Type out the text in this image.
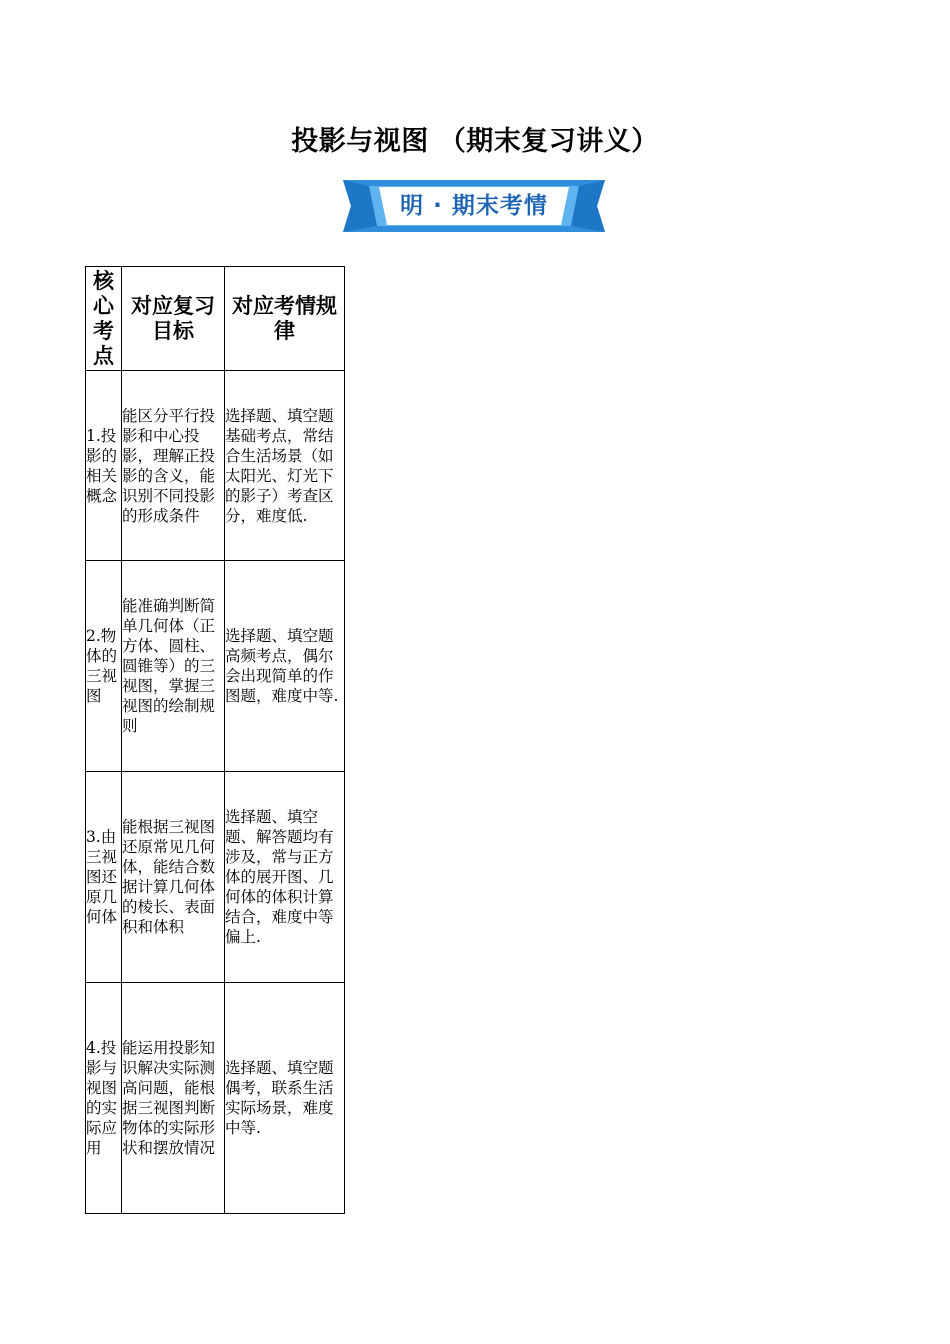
投影与视图 （期末复习讲义）
明 · 期末考情
核心考点	对应复习目标	对应考情规律
1.投影的相关概念	能区分平行投影和中心投影，理解正投影的含义，能识别不同投影的形成条件	选择题、填空题基础考点，常结合生活场景（如太阳光、灯光下的影子）考查区分，难度低.
2.物体的三视图	能准确判断简单几何体（正方体、圆柱、圆锥等）的三视图，掌握三视图的绘制规则	选择题、填空题高频考点，偶尔会出现简单的作图题，难度中等.
3.由三视图还原几何体	能根据三视图还原常见几何体，能结合数据计算几何体的棱长、表面积和体积	选择题、填空题、解答题均有涉及，常与正方体的展开图、几何体的体积计算结合，难度中等偏上.
4.投影与视图的实际应用	能运用投影知识解决实际测高问题，能根据三视图判断物体的实际形状和摆放情况	选择题、填空题偶考，联系生活实际场景，难度中等.
